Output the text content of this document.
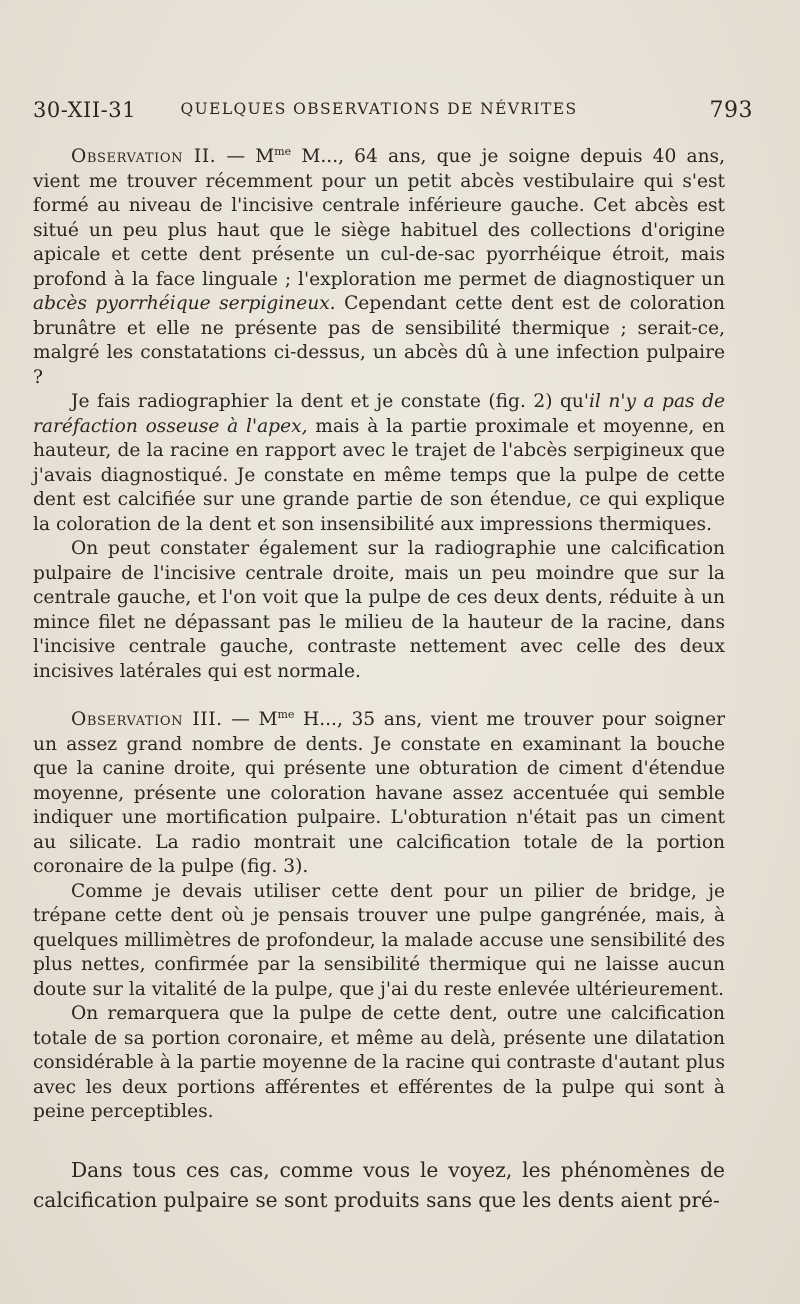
30-XII-31	QUELQUES OBSERVATIONS DE NÉVRITES	793

Observation II. — $M^{me}$ M..., 64 ans, que je soigne depuis 40 ans, vient me trouver récemment pour un petit abcès vestibulaire qui s'est formé au niveau de l'incisive centrale inférieure gauche. Cet abcès est situé un peu plus haut que le siège habituel des collections d'origine apicale et cette dent présente un cul-de-sac pyorrhéique étroit, mais profond à la face linguale ; l'exploration me permet de diagnostiquer un abcès pyorrhéique serpigineux. Cependant cette dent est de coloration brunâtre et elle ne présente pas de sensibilité thermique ; serait-ce, malgré les constatations ci-dessus, un abcès dû à une infection pulpaire ?

Je fais radiographier la dent et je constate (fig. 2) qu'il n'y a pas de raréfaction osseuse à l'apex, mais à la partie proximale et moyenne, en hauteur, de la racine en rapport avec le trajet de l'abcès serpigineux que j'avais diagnostiqué. Je constate en même temps que la pulpe de cette dent est calcifiée sur une grande partie de son étendue, ce qui explique la coloration de la dent et son insensibilité aux impressions thermiques.

On peut constater également sur la radiographie une calcification pulpaire de l'incisive centrale droite, mais un peu moindre que sur la centrale gauche, et l'on voit que la pulpe de ces deux dents, réduite à un mince filet ne dépassant pas le milieu de la hauteur de la racine, dans l'incisive centrale gauche, contraste nettement avec celle des deux incisives latérales qui est normale.

Observation III. — $M^{me}$ H..., 35 ans, vient me trouver pour soigner un assez grand nombre de dents. Je constate en examinant la bouche que la canine droite, qui présente une obturation de ciment d'étendue moyenne, présente une coloration havane assez accentuée qui semble indiquer une mortification pulpaire. L'obturation n'était pas un ciment au silicate. La radio montrait une calcification totale de la portion coronaire de la pulpe (fig. 3).

Comme je devais utiliser cette dent pour un pilier de bridge, je trépane cette dent où je pensais trouver une pulpe gangrénée, mais, à quelques millimètres de profondeur, la malade accuse une sensibilité des plus nettes, confirmée par la sensibilité thermique qui ne laisse aucun doute sur la vitalité de la pulpe, que j'ai du reste enlevée ultérieurement.

On remarquera que la pulpe de cette dent, outre une calcification totale de sa portion coronaire, et même au delà, présente une dilatation considérable à la partie moyenne de la racine qui contraste d'autant plus avec les deux portions afférentes et efférentes de la pulpe qui sont à peine perceptibles.

Dans tous ces cas, comme vous le voyez, les phénomènes de calcification pulpaire se sont produits sans que les dents aient pré-
